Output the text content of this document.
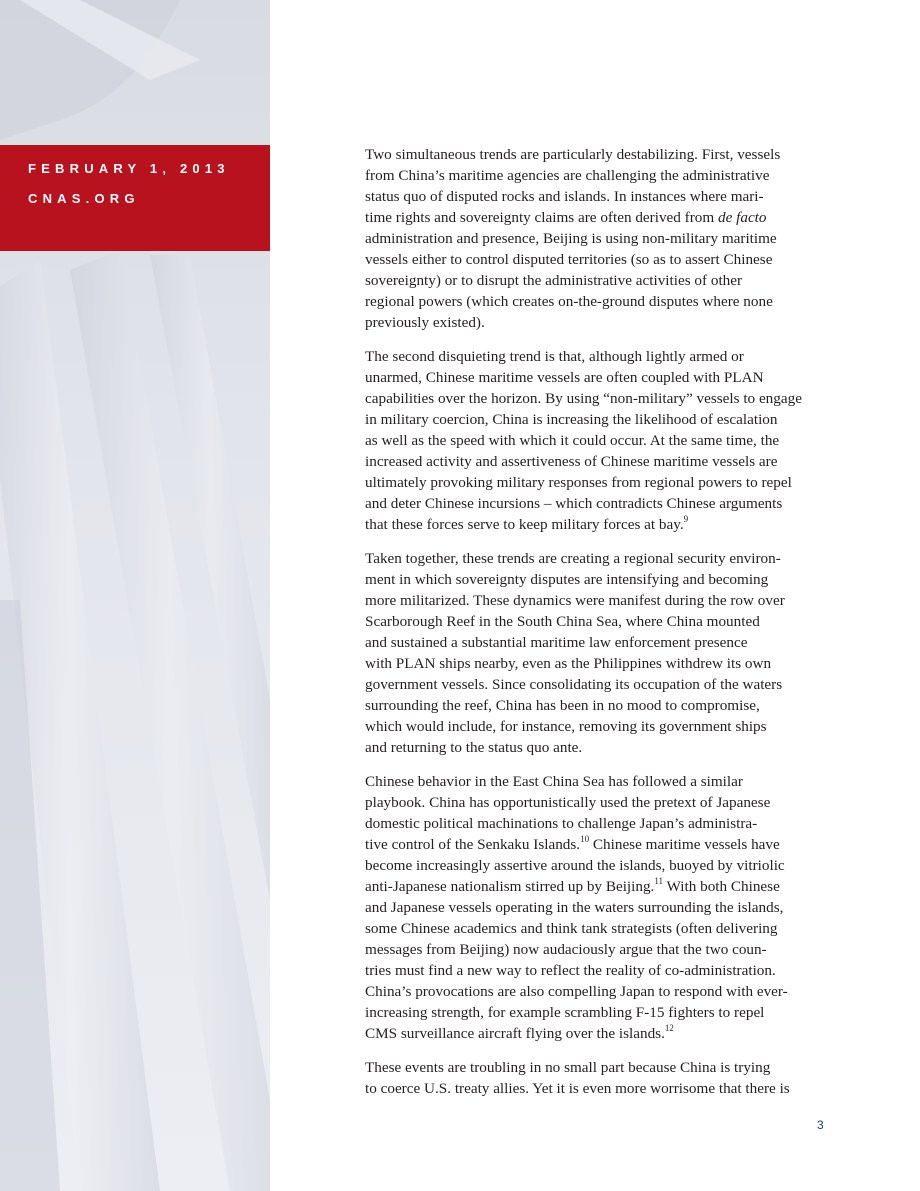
FEBRUARY 1, 2013
CNAS.ORG

Two simultaneous trends are particularly destabilizing. First, vessels
from China’s maritime agencies are challenging the administrative
status quo of disputed rocks and islands. In instances where mari-
time rights and sovereignty claims are often derived from de facto
administration and presence, Beijing is using non-military maritime
vessels either to control disputed territories (so as to assert Chinese
sovereignty) or to disrupt the administrative activities of other
regional powers (which creates on-the-ground disputes where none
previously existed).

The second disquieting trend is that, although lightly armed or
unarmed, Chinese maritime vessels are often coupled with PLAN
capabilities over the horizon. By using “non-military” vessels to engage
in military coercion, China is increasing the likelihood of escalation
as well as the speed with which it could occur. At the same time, the
increased activity and assertiveness of Chinese maritime vessels are
ultimately provoking military responses from regional powers to repel
and deter Chinese incursions – which contradicts Chinese arguments
that these forces serve to keep military forces at bay.$^9$

Taken together, these trends are creating a regional security environ-
ment in which sovereignty disputes are intensifying and becoming
more militarized. These dynamics were manifest during the row over
Scarborough Reef in the South China Sea, where China mounted
and sustained a substantial maritime law enforcement presence
with PLAN ships nearby, even as the Philippines withdrew its own
government vessels. Since consolidating its occupation of the waters
surrounding the reef, China has been in no mood to compromise,
which would include, for instance, removing its government ships
and returning to the status quo ante.

Chinese behavior in the East China Sea has followed a similar
playbook. China has opportunistically used the pretext of Japanese
domestic political machinations to challenge Japan’s administra-
tive control of the Senkaku Islands.$^{10}$ Chinese maritime vessels have
become increasingly assertive around the islands, buoyed by vitriolic
anti-Japanese nationalism stirred up by Beijing.$^{11}$ With both Chinese
and Japanese vessels operating in the waters surrounding the islands,
some Chinese academics and think tank strategists (often delivering
messages from Beijing) now audaciously argue that the two coun-
tries must find a new way to reflect the reality of co-administration.
China’s provocations are also compelling Japan to respond with ever-
increasing strength, for example scrambling F-15 fighters to repel
CMS surveillance aircraft flying over the islands.$^{12}$

These events are troubling in no small part because China is trying
to coerce U.S. treaty allies. Yet it is even more worrisome that there is

3
